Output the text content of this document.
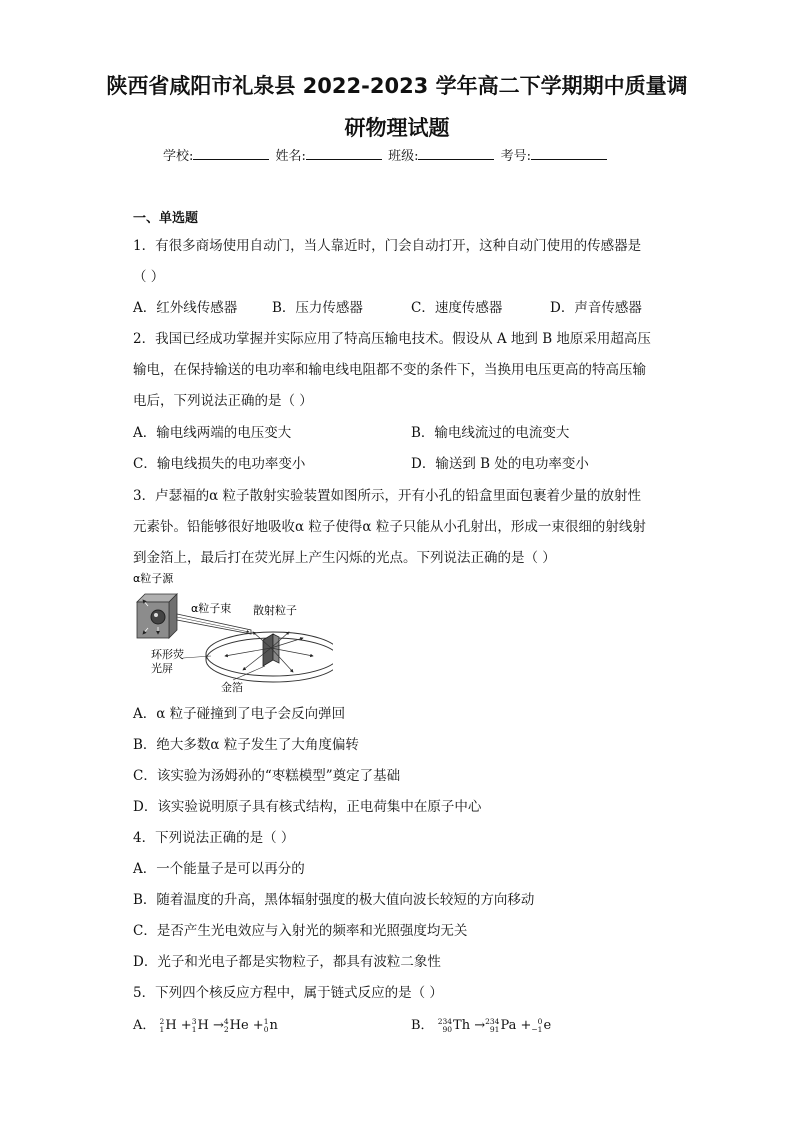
陕西省咸阳市礼泉县 2022-2023 学年高二下学期期中质量调
研物理试题
学校:	姓名:	班级:	考号:
一、单选题
1．有很多商场使用自动门，当人靠近时，门会自动打开，这种自动门使用的传感器是
（ ）
A．红外线传感器	B．压力传感器	C．速度传感器	D．声音传感器
2．我国已经成功掌握并实际应用了特高压输电技术。假设从 A 地到 B 地原采用超高压
输电，在保持输送的电功率和输电线电阻都不变的条件下，当换用电压更高的特高压输
电后，下列说法正确的是（ ）
A．输电线两端的电压变大	B．输电线流过的电流变大
C．输电线损失的电功率变小	D．输送到 B 处的电功率变小
3．卢瑟福的α 粒子散射实验装置如图所示，开有小孔的铅盒里面包裹着少量的放射性
元素钋。铅能够很好地吸收α 粒子使得α 粒子只能从小孔射出，形成一束很细的射线射
到金箔上，最后打在荧光屏上产生闪烁的光点。下列说法正确的是（ ）
α粒子源
α粒子束 散射粒子
环形荧
光屏
金箔
A．α 粒子碰撞到了电子会反向弹回
B．绝大多数α 粒子发生了大角度偏转
C．该实验为汤姆孙的“枣糕模型”奠定了基础
D．该实验说明原子具有核式结构，正电荷集中在原子中心
4．下列说法正确的是（ ）
A．一个能量子是可以再分的
B．随着温度的升高，黑体辐射强度的极大值向波长较短的方向移动
C．是否产生光电效应与入射光的频率和光照强度均无关
D．光子和光电子都是实物粒子，都具有波粒二象性
5．下列四个核反应方程中，属于链式反应的是（ ）
A． 2
1 H + 3
1 H → 4
2 He + 1
0 n	B． 234
90 Th → 234
91 Pa + 0
−1 e
